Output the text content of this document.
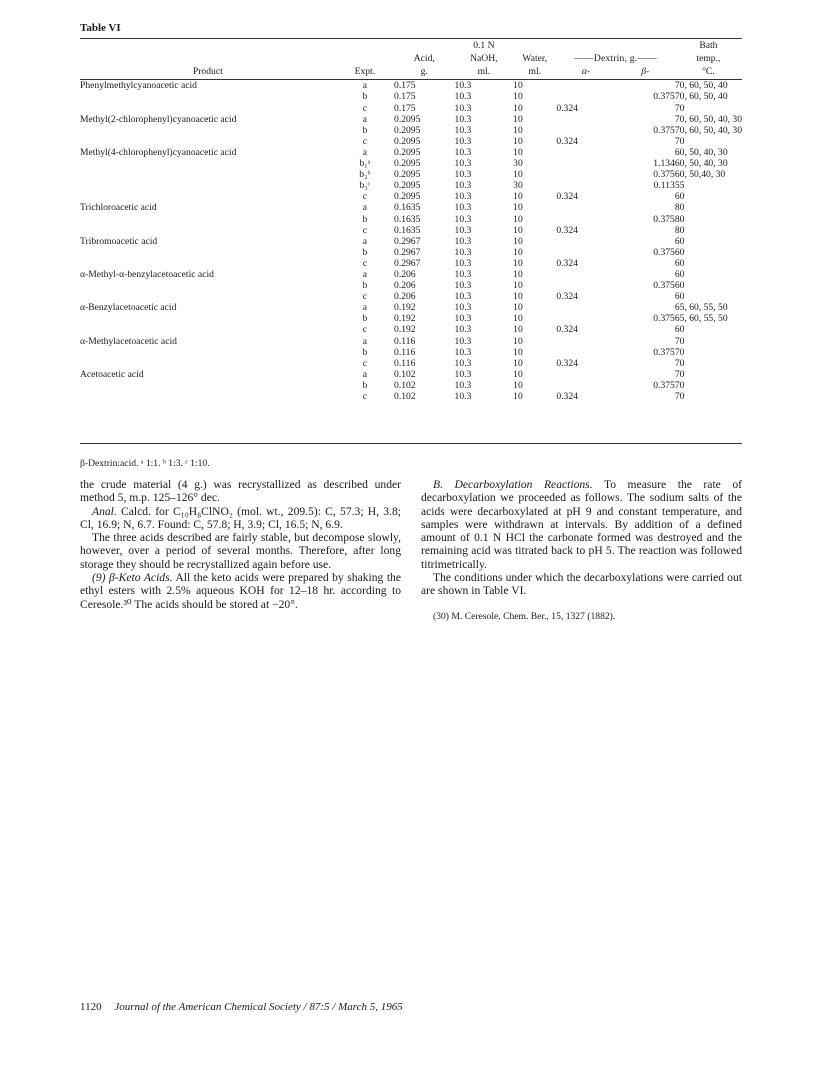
Table VI
			0.1 N				Bath
		Acid,	NaOH,	Water,	——Dextrin, g.——		temp.,
Product	Expt.	g.	ml.	ml.	α-	β-	°C.
Phenylmethylcyanoacetic acid	a	0.175	10.3	10			70, 60, 50, 40
	b	0.175	10.3	10		0.375	70, 60, 50, 40
	c	0.175	10.3	10	0.324		70
Methyl(2-chlorophenyl)cyanoacetic acid	a	0.2095	10.3	10			70, 60, 50, 40, 30
	b	0.2095	10.3	10		0.375	70, 60, 50, 40, 30
	c	0.2095	10.3	10	0.324		70
Methyl(4-chlorophenyl)cyanoacetic acid	a	0.2095	10.3	10			60, 50, 40, 30
	b₁ᵃ	0.2095	10.3	30		1.134	60, 50, 40, 30
	b₂ᵇ	0.2095	10.3	10		0.375	60, 50,40, 30
	b₃ᶜ	0.2095	10.3	30		0.113	55
	c	0.2095	10.3	10	0.324		60
Trichloroacetic acid	a	0.1635	10.3	10			80
	b	0.1635	10.3	10		0.375	80
	c	0.1635	10.3	10	0.324		80
Tribromoacetic acid	a	0.2967	10.3	10			60
	b	0.2967	10.3	10		0.375	60
	c	0.2967	10.3	10	0.324		60
α-Methyl-α-benzylacetoacetic acid	a	0.206	10.3	10			60
	b	0.206	10.3	10		0.375	60
	c	0.206	10.3	10	0.324		60
α-Benzylacetoacetic acid	a	0.192	10.3	10			65, 60, 55, 50
	b	0.192	10.3	10		0.375	65, 60, 55, 50
	c	0.192	10.3	10	0.324		60
α-Methylacetoacetic acid	a	0.116	10.3	10			70
	b	0.116	10.3	10		0.375	70
	c	0.116	10.3	10	0.324		70
Acetoacetic acid	a	0.102	10.3	10			70
	b	0.102	10.3	10		0.375	70
	c	0.102	10.3	10	0.324		70
β-Dextrin:acid. ᵃ 1:1. ᵇ 1:3. ᶜ 1:10.

the crude material (4 g.) was recrystallized as described under method 5, m.p. 125–126° dec.

Anal. Calcd. for C₁₀H₈ClNO₂ (mol. wt., 209.5): C, 57.3; H, 3.8; Cl, 16.9; N, 6.7. Found: C, 57.8; H, 3.9; Cl, 16.5; N, 6.9.

The three acids described are fairly stable, but decompose slowly, however, over a period of several months. Therefore, after long storage they should be recrystallized again before use.

(9) β-Keto Acids. All the keto acids were prepared by shaking the ethyl esters with 2.5% aqueous KOH for 12–18 hr. according to Ceresole.³⁰ The acids should be stored at −20°.

B. Decarboxylation Reactions. To measure the rate of decarboxylation we proceeded as follows. The sodium salts of the acids were decarboxylated at pH 9 and constant temperature, and samples were withdrawn at intervals. By addition of a defined amount of 0.1 N HCl the carbonate formed was destroyed and the remaining acid was titrated back to pH 5. The reaction was followed titrimetrically.

The conditions under which the decarboxylations were carried out are shown in Table VI.

(30) M. Ceresole, Chem. Ber., 15, 1327 (1882).

1120 Journal of the American Chemical Society / 87:5 / March 5, 1965
